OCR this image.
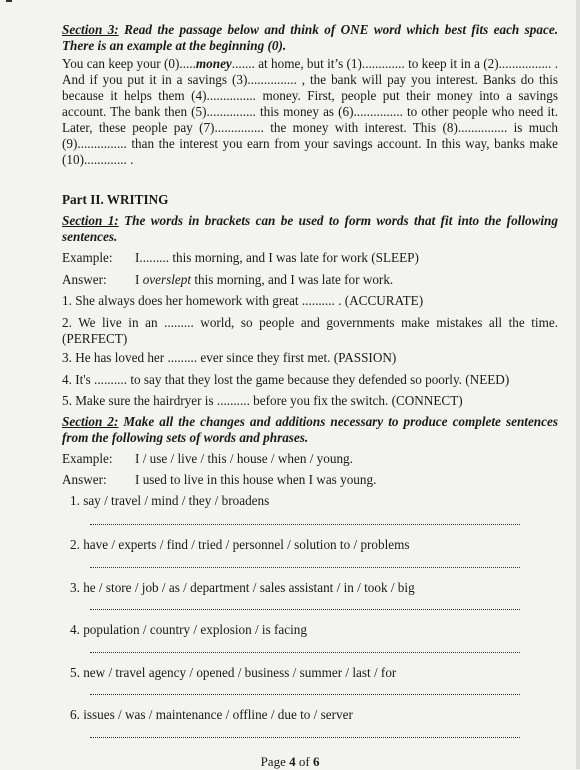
Section 3: Read the passage below and think of ONE word which best fits each space. There is an example at the beginning (0).

You can keep your (0).....money....... at home, but it’s (1)............. to keep it in a (2)................ . And if you put it in a savings (3)............... , the bank will pay you interest. Banks do this because it helps them (4)............... money. First, people put their money into a savings account. The bank then (5)............... this money as (6)............... to other people who need it. Later, these people pay (7)............... the money with interest. This (8)............... is much (9)............... than the interest you earn from your savings account. In this way, banks make (10)............. .

Part II. WRITING

Section 1: The words in brackets can be used to form words that fit into the following sentences.

Example: I......... this morning, and I was late for work (SLEEP)
Answer: I overslept this morning, and I was late for work.

1. She always does her homework with great .......... . (ACCURATE)

2. We live in an ......... world, so people and governments make mistakes all the time. (PERFECT)

3. He has loved her ......... ever since they first met. (PASSION)

4. It's .......... to say that they lost the game because they defended so poorly. (NEED)

5. Make sure the hairdryer is .......... before you fix the switch. (CONNECT)

Section 2: Make all the changes and additions necessary to produce complete sentences from the following sets of words and phrases.

Example: I / use / live / this / house / when / young.
Answer: I used to live in this house when I was young.
1. say / travel / mind / they / broadens
2. have / experts / find / tried / personnel / solution to / problems
3. he / store / job / as / department / sales assistant / in / took / big
4. population / country / explosion / is facing
5. new / travel agency / opened / business / summer / last / for
6. issues / was / maintenance / offline / due to / server
Page 4 of 6
